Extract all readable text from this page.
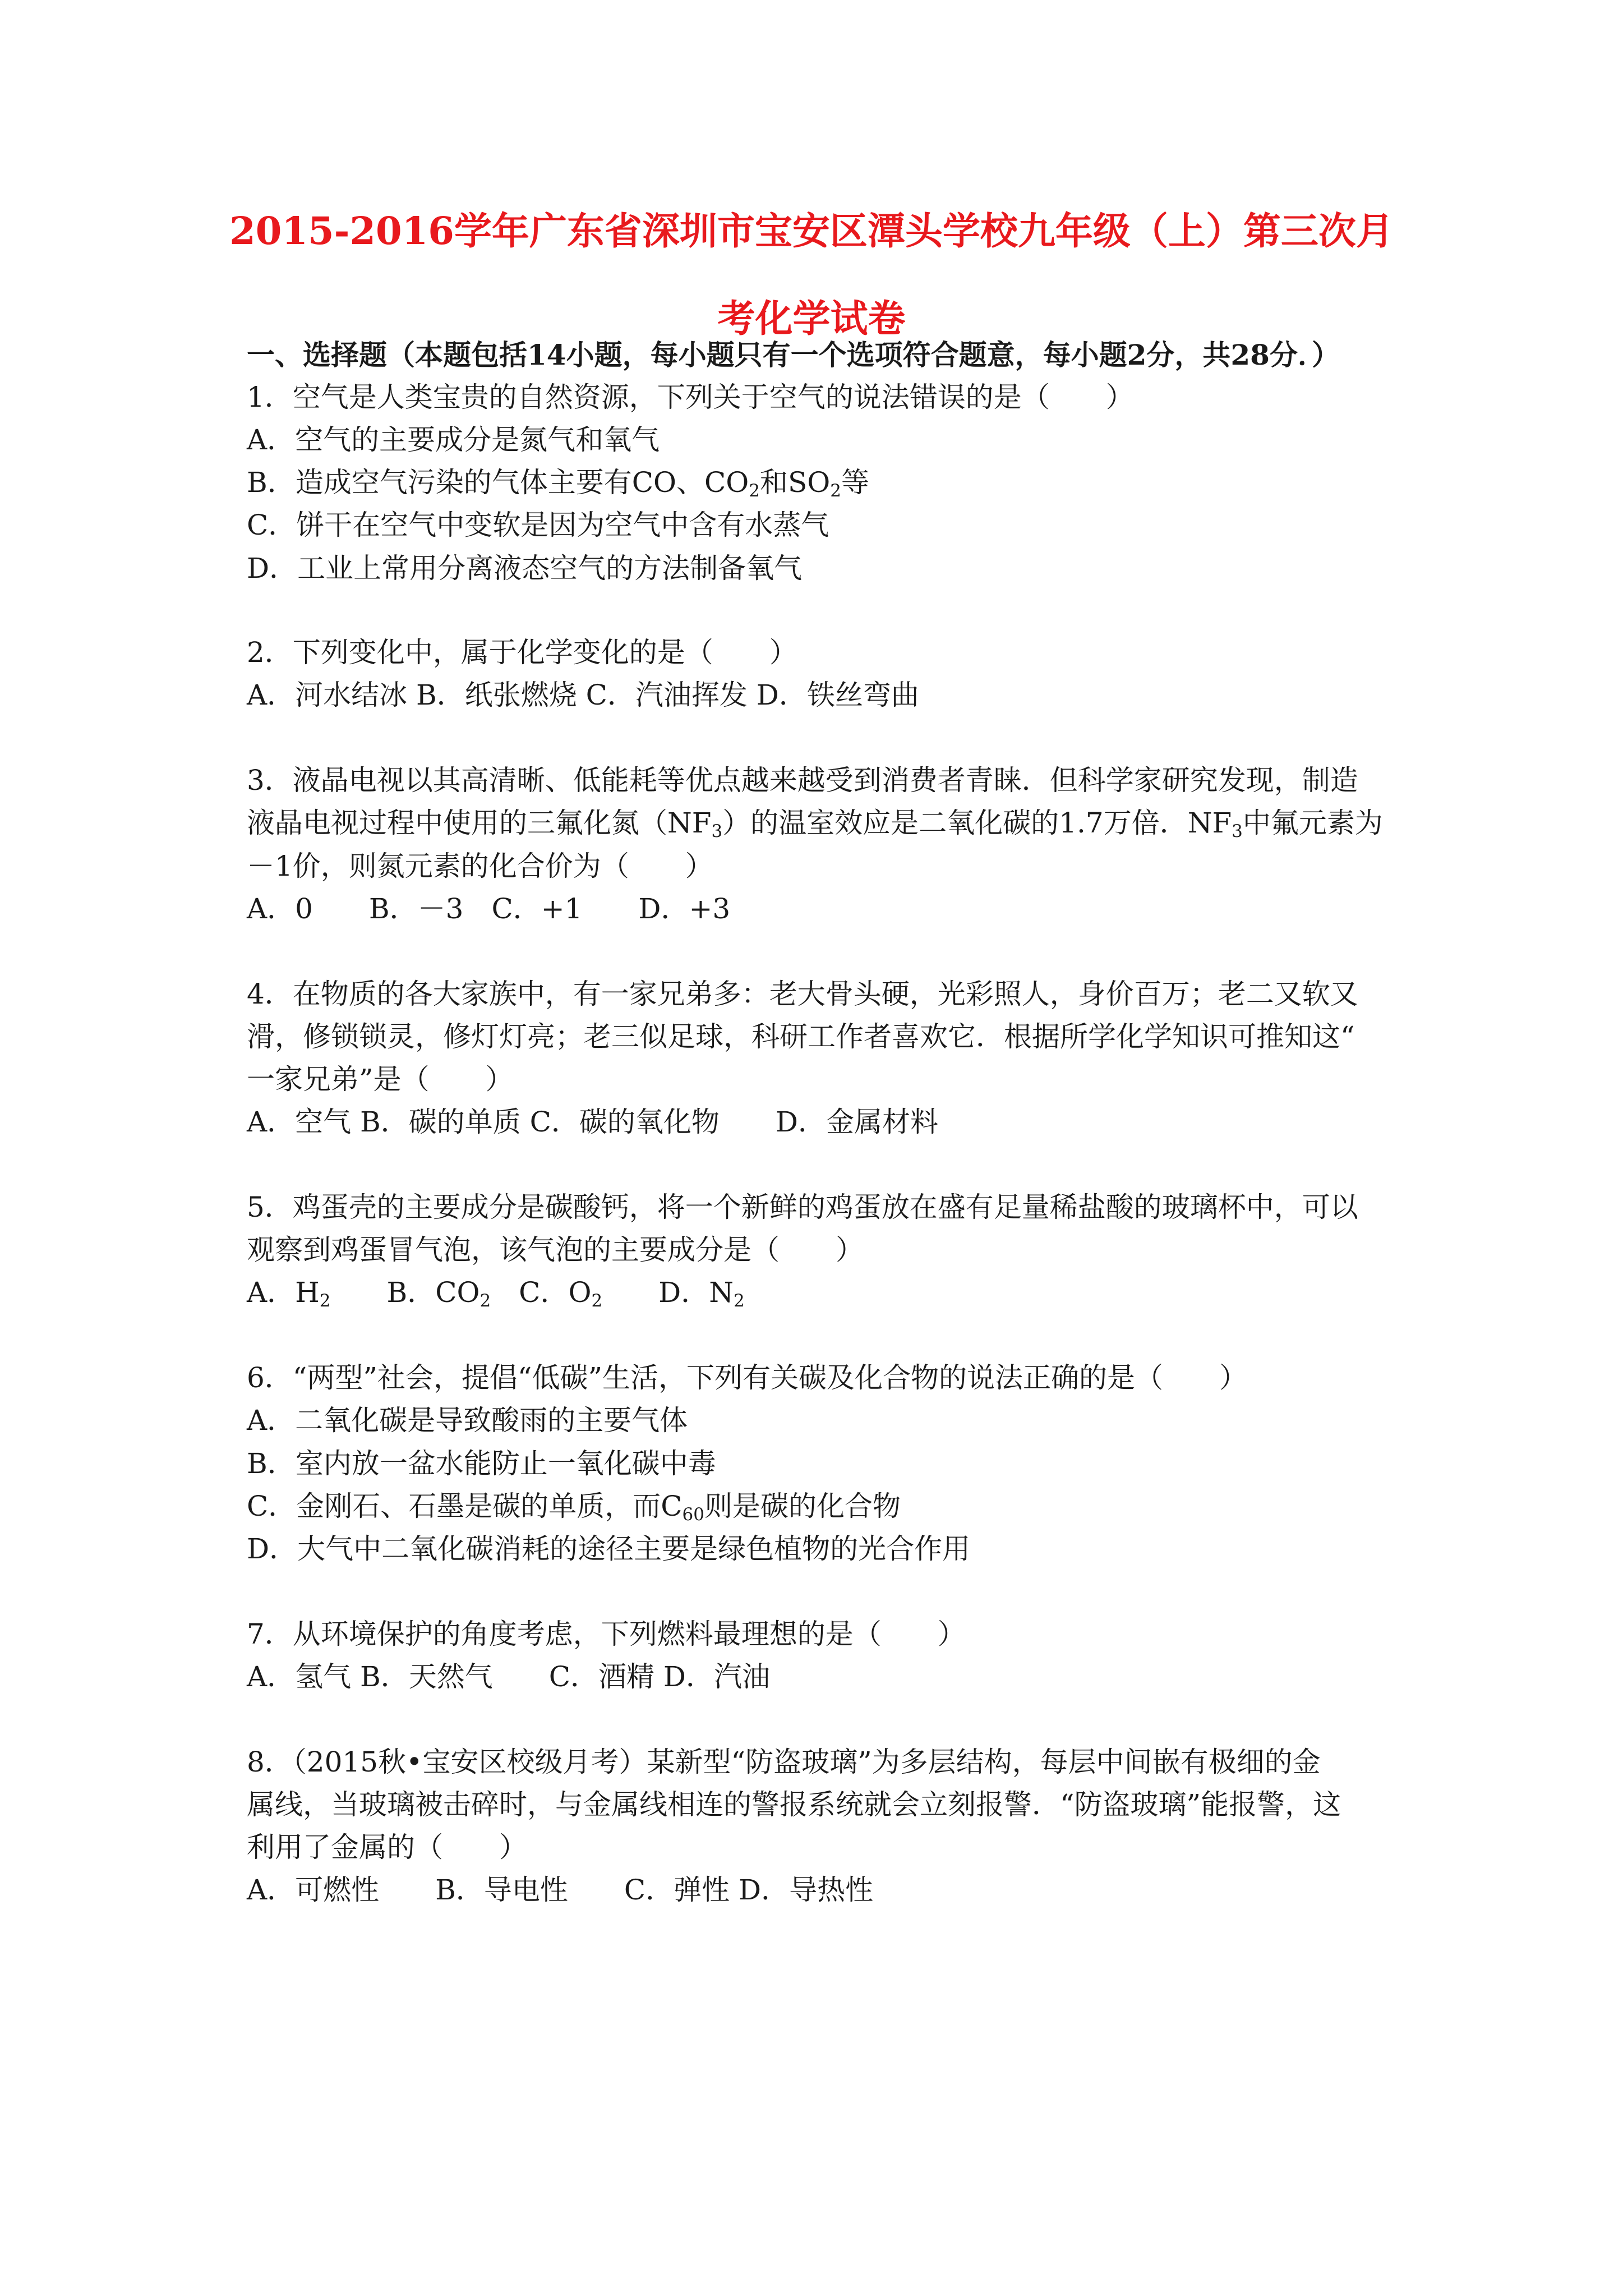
2015-2016学年广东省深圳市宝安区潭头学校九年级（上）第三次月
考化学试卷
一、选择题（本题包括14小题，每小题只有一个选项符合题意，每小题2分，共28分．）
1．空气是人类宝贵的自然资源，下列关于空气的说法错误的是（　　）
A．空气的主要成分是氮气和氧气
B．造成空气污染的气体主要有CO、$CO_2$和$SO_2$等
C．饼干在空气中变软是因为空气中含有水蒸气
D．工业上常用分离液态空气的方法制备氧气
2．下列变化中，属于化学变化的是（　　）
A．河水结冰 B．纸张燃烧 C．汽油挥发 D．铁丝弯曲
3．液晶电视以其高清晰、低能耗等优点越来越受到消费者青睐．但科学家研究发现，制造
液晶电视过程中使用的三氟化氮$(NF_3)$的温室效应是二氧化碳的1.7万倍．$NF_3$中氟元素为
－1价，则氮元素的化合价为（　　）
A．0　　B．－3　C．+1　　D．+3
4．在物质的各大家族中，有一家兄弟多：老大骨头硬，光彩照人，身价百万；老二又软又
滑，修锁锁灵，修灯灯亮；老三似足球，科研工作者喜欢它．根据所学化学知识可推知这“
一家兄弟”是（　　）
A．空气 B．碳的单质 C．碳的氧化物　　D．金属材料
5．鸡蛋壳的主要成分是碳酸钙，将一个新鲜的鸡蛋放在盛有足量稀盐酸的玻璃杯中，可以
观察到鸡蛋冒气泡，该气泡的主要成分是（　　）
A．$H_2$　　B．$CO_2$　C．$O_2$　　D．$N_2$
6．“两型”社会，提倡“低碳”生活，下列有关碳及化合物的说法正确的是（　　）
A．二氧化碳是导致酸雨的主要气体
B．室内放一盆水能防止一氧化碳中毒
C．金刚石、石墨是碳的单质，而$C_{60}$则是碳的化合物
D．大气中二氧化碳消耗的途径主要是绿色植物的光合作用
7．从环境保护的角度考虑，下列燃料最理想的是（　　）
A．氢气 B．天然气　　C．酒精 D．汽油
8．（2015秋•宝安区校级月考）某新型“防盗玻璃”为多层结构，每层中间嵌有极细的金
属线，当玻璃被击碎时，与金属线相连的警报系统就会立刻报警．“防盗玻璃”能报警，这
利用了金属的（　　）
A．可燃性　　B．导电性　　C．弹性 D．导热性
